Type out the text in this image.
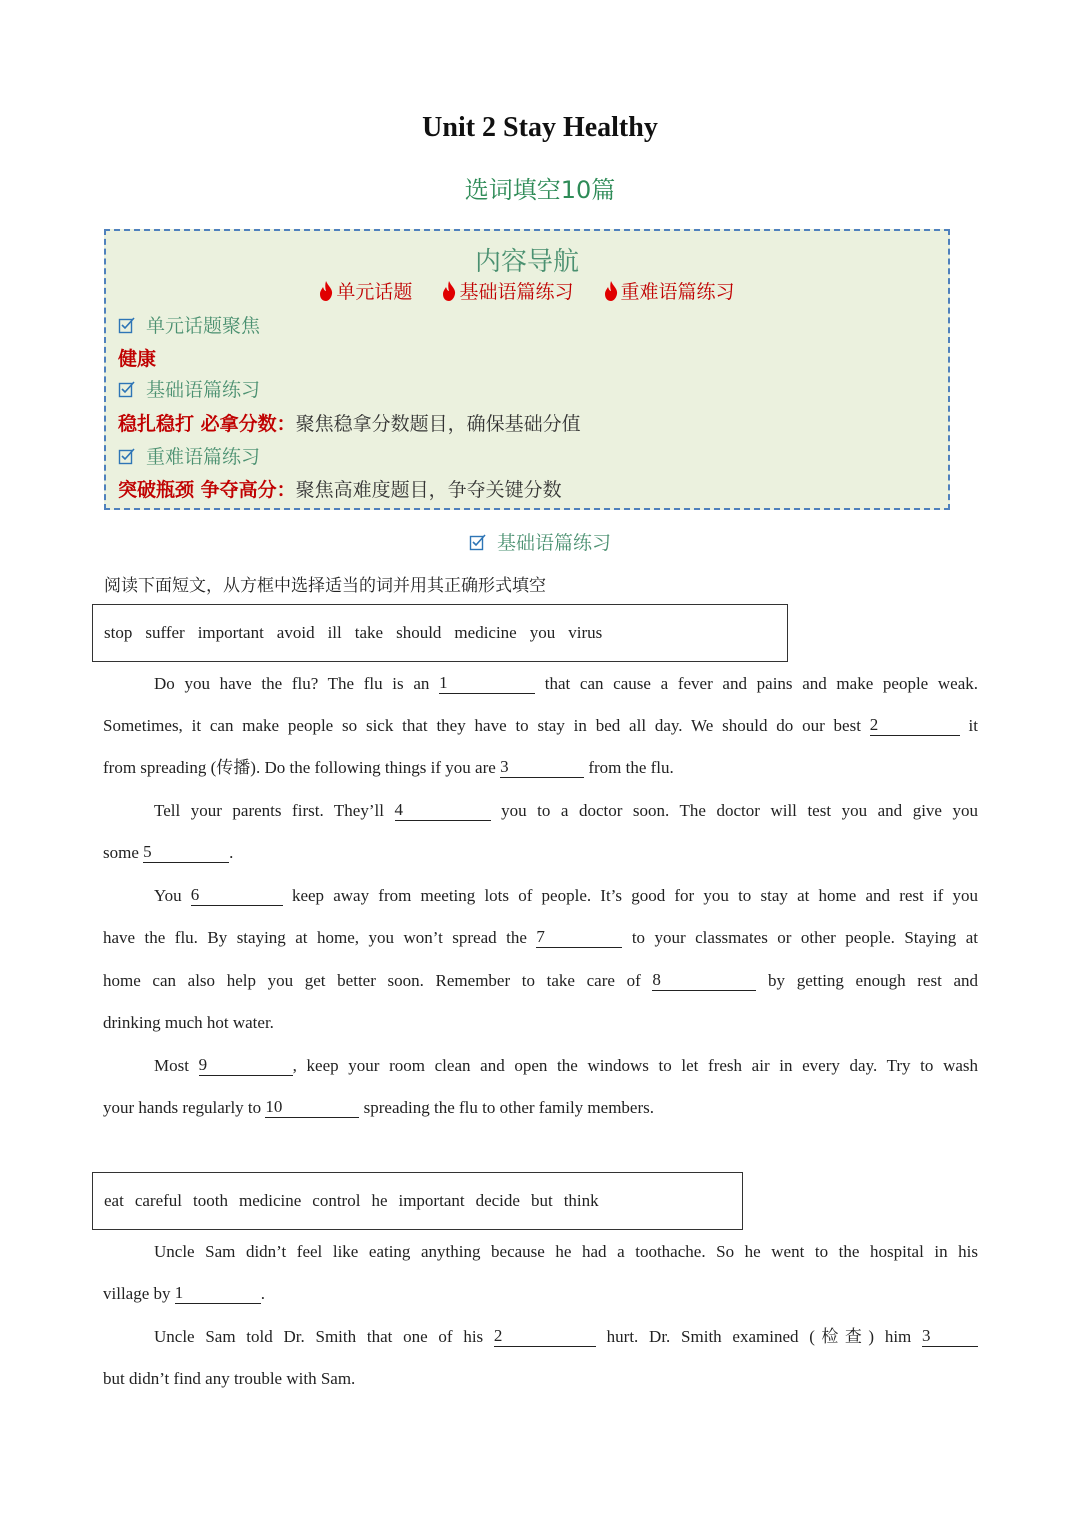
Unit 2 Stay Healthy
选词填空10篇
内容导航
单元话题 基础语篇练习 重难语篇练习
单元话题聚焦
健康
基础语篇练习
稳扎稳打 必拿分数：聚焦稳拿分数题目，确保基础分值
重难语篇练习
突破瓶颈 争夺高分：聚焦高难度题目，争夺关键分数
基础语篇练习
阅读下面短文，从方框中选择适当的词并用其正确形式填空
stop suffer important avoid ill take should medicine you virus
Do you have the flu? The flu is an 1	that can cause a fever and pains and make people weak.
Sometimes, it can make people so sick that they have to stay in bed all day. We should do our best 2	it
from spreading (传播). Do the following things if you are 3	from the flu.
Tell your parents first. They’ll 4	you to a doctor soon. The doctor will test you and give you
some 5	.
You 6	keep away from meeting lots of people. It’s good for you to stay at home and rest if you
have the flu. By staying at home, you won’t spread the 7	to your classmates or other people. Staying at
home can also help you get better soon. Remember to take care of 8	by getting enough rest and
drinking much hot water.
Most 9	, keep your room clean and open the windows to let fresh air in every day. Try to wash
your hands regularly to 10	spreading the flu to other family members.
eat careful tooth medicine control he important decide but think
Uncle Sam didn’t feel like eating anything because he had a toothache. So he went to the hospital in his
village by 1	.
Uncle Sam told Dr. Smith that one of his 2	hurt. Dr. Smith examined (检查) him 3
but didn’t find any trouble with Sam.
